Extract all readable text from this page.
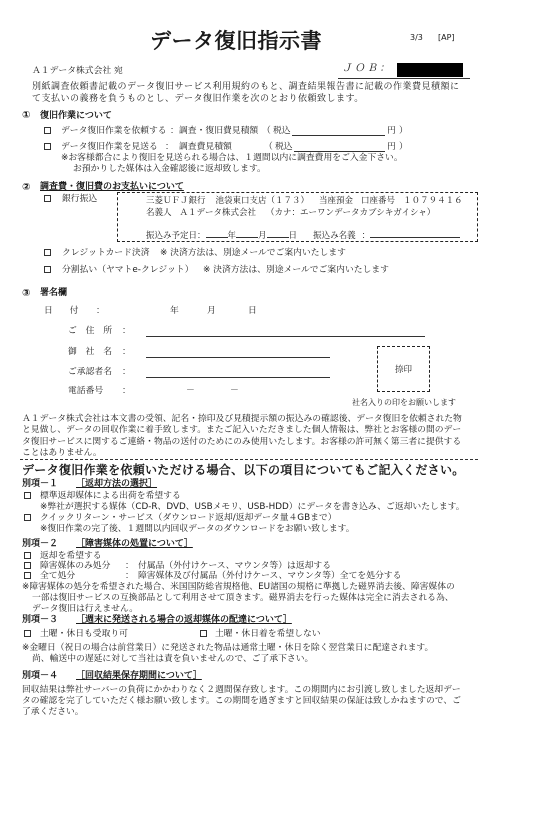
データ復旧指示書	3/3 [AP]
Ａ１データ株式会社 宛	ＪＯＢ：
別紙調査依頼書記載のデータ復旧サービス利用規約のもと、調査結果報告書に記載の作業費見積額に
て支払いの義務を負うものとし、データ復旧作業を次のとおり依頼致します。
① 復旧作業について
データ復旧作業を依頼する ： 調査・復旧費見積額 （ 税込	円 ）
データ復旧作業を見送る ： 調査費見積額	（ 税込	円 ）
※お客様都合により復旧を見送られる場合は、１週間以内に調査費用をご入金下さい。
お預かりした媒体は入金確認後に返却致します。
② 調査費・復旧費のお支払いについて
銀行振込	三菱ＵＦＪ銀行 池袋東口支店（１７３） 当座預金 口座番号 １０７９４１６
名義人 Ａ１データ株式会社 （カナ：エーワンデータカブシキガイシャ）
振込み予定日：	年	月	日 振込み名義 ：
クレジットカード決済 ※ 決済方法は、別途メールでご案内いたします
分割払い（ヤマトe-クレジット） ※ 決済方法は、別途メールでご案内いたします
③ 署名欄
日　付 ：	年	月	日
ご　住　所 ：
御　社　名 ：
ご承認者名 ：
電話番号 ：	－	－
捺印
社名入りの印をお願いします
Ａ１データ株式会社は本文書の受領、記名・捺印及び見積提示額の振込みの確認後、データ復旧を依頼された物
と見做し、データの回収作業に着手致します。またご記入いただきました個人情報は、弊社とお客様の間のデー
タ復旧サービスに関するご連絡・物品の送付のためにのみ使用いたします。お客様の許可無く第三者に提供する
ことはありません。
データ復旧作業を依頼いただける場合、以下の項目についてもご記入ください。
別項－１ ［返却方法の選択］
標準返却媒体による出荷を希望する
※弊社が選択する媒体（CD-R、DVD、USBメモリ、USB-HDD）にデータを書き込み、ご返却いたします。
クイックリターン・サービス（ダウンロード返却/返却データ量４GBまで）
※復旧作業の完了後、１週間以内回収データのダウンロードをお願い致します。
別項－２ ［障害媒体の処置について］
返却を希望する
障害媒体のみ処分 ： 付属品（外付けケース、マウンタ等）は返却する
全て処分	： 障害媒体及び付属品（外付けケース、マウンタ等）全てを処分する
※障害媒体の処分を希望された場合、米国国防総省規格他、EU諸国の規格に準拠した磁界消去後、障害媒体の
一部は復旧サービスの互換部品として利用させて頂きます。磁界消去を行った媒体は完全に消去される為、
データ復旧は行えません。
別項－３ ［週末に発送される場合の返却媒体の配達について］
土曜・休日も受取り可	土曜・休日着を希望しない
※金曜日（祝日の場合は前営業日）に発送された物品は通常土曜・休日を除く翌営業日に配達されます。
尚、輸送中の遅延に対して当社は責を負いませんので、ご了承下さい。
別項－４ ［回収結果保存期間について］
回収結果は弊社サーバーの負荷にかかわりなく２週間保存致します。この期間内にお引渡し致しました返却デー
タの確認を完了していただく様お願い致します。この期間を過ぎますと回収結果の保証は致しかねますので、ご
了承ください。
